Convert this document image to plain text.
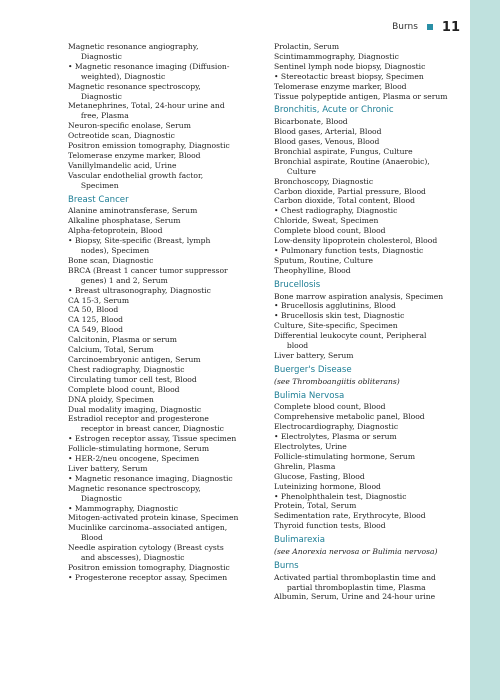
Burns 11
Magnetic resonance angiography,
Diagnostic
• Magnetic resonance imaging (Diffusion-
weighted), Diagnostic
Magnetic resonance spectroscopy,
Diagnostic
Metanephrines, Total, 24-hour urine and
free, Plasma
Neuron-specific enolase, Serum
Octreotide scan, Diagnostic
Positron emission tomography, Diagnostic
Telomerase enzyme marker, Blood
Vanillylmandelic acid, Urine
Vascular endothelial growth factor,
Specimen
Breast Cancer
Alanine aminotransferase, Serum
Alkaline phosphatase, Serum
Alpha-fetoprotein, Blood
• Biopsy, Site-specific (Breast, lymph
nodes), Specimen
Bone scan, Diagnostic
BRCA (Breast 1 cancer tumor suppressor
genes) 1 and 2, Serum
• Breast ultrasonography, Diagnostic
CA 15-3, Serum
CA 50, Blood
CA 125, Blood
CA 549, Blood
Calcitonin, Plasma or serum
Calcium, Total, Serum
Carcinoembryonic antigen, Serum
Chest radiography, Diagnostic
Circulating tumor cell test, Blood
Complete blood count, Blood
DNA ploidy, Specimen
Dual modality imaging, Diagnostic
Estradiol receptor and progesterone
receptor in breast cancer, Diagnostic
• Estrogen receptor assay, Tissue specimen
Follicle-stimulating hormone, Serum
• HER-2/neu oncogene, Specimen
Liver battery, Serum
• Magnetic resonance imaging, Diagnostic
Magnetic resonance spectroscopy,
Diagnostic
• Mammography, Diagnostic
Mitogen-activated protein kinase, Specimen
Mucinlike carcinoma–associated antigen,
Blood
Needle aspiration cytology (Breast cysts
and abscesses), Diagnostic
Positron emission tomography, Diagnostic
• Progesterone receptor assay, Specimen
Prolactin, Serum
Scintimammography, Diagnostic
Sentinel lymph node biopsy, Diagnostic
• Stereotactic breast biopsy, Specimen
Telomerase enzyme marker, Blood
Tissue polypeptide antigen, Plasma or serum
Bronchitis, Acute or Chronic
Bicarbonate, Blood
Blood gases, Arterial, Blood
Blood gases, Venous, Blood
Bronchial aspirate, Fungus, Culture
Bronchial aspirate, Routine (Anaerobic),
Culture
Bronchoscopy, Diagnostic
Carbon dioxide, Partial pressure, Blood
Carbon dioxide, Total content, Blood
• Chest radiography, Diagnostic
Chloride, Sweat, Specimen
Complete blood count, Blood
Low-density lipoprotein cholesterol, Blood
• Pulmonary function tests, Diagnostic
Sputum, Routine, Culture
Theophylline, Blood
Brucellosis
Bone marrow aspiration analysis, Specimen
• Brucellosis agglutinins, Blood
• Brucellosis skin test, Diagnostic
Culture, Site-specific, Specimen
Differential leukocyte count, Peripheral
blood
Liver battery, Serum
Buerger's Disease
(see Thromboangiitis obliterans)
Bulimia Nervosa
Complete blood count, Blood
Comprehensive metabolic panel, Blood
Electrocardiography, Diagnostic
• Electrolytes, Plasma or serum
Electrolytes, Urine
Follicle-stimulating hormone, Serum
Ghrelin, Plasma
Glucose, Fasting, Blood
Luteinizing hormone, Blood
• Phenolphthalein test, Diagnostic
Protein, Total, Serum
Sedimentation rate, Erythrocyte, Blood
Thyroid function tests, Blood
Bulimarexia
(see Anorexia nervosa or Bulimia nervosa)
Burns
Activated partial thromboplastin time and
partial thromboplastin time, Plasma
Albumin, Serum, Urine and 24-hour urine
